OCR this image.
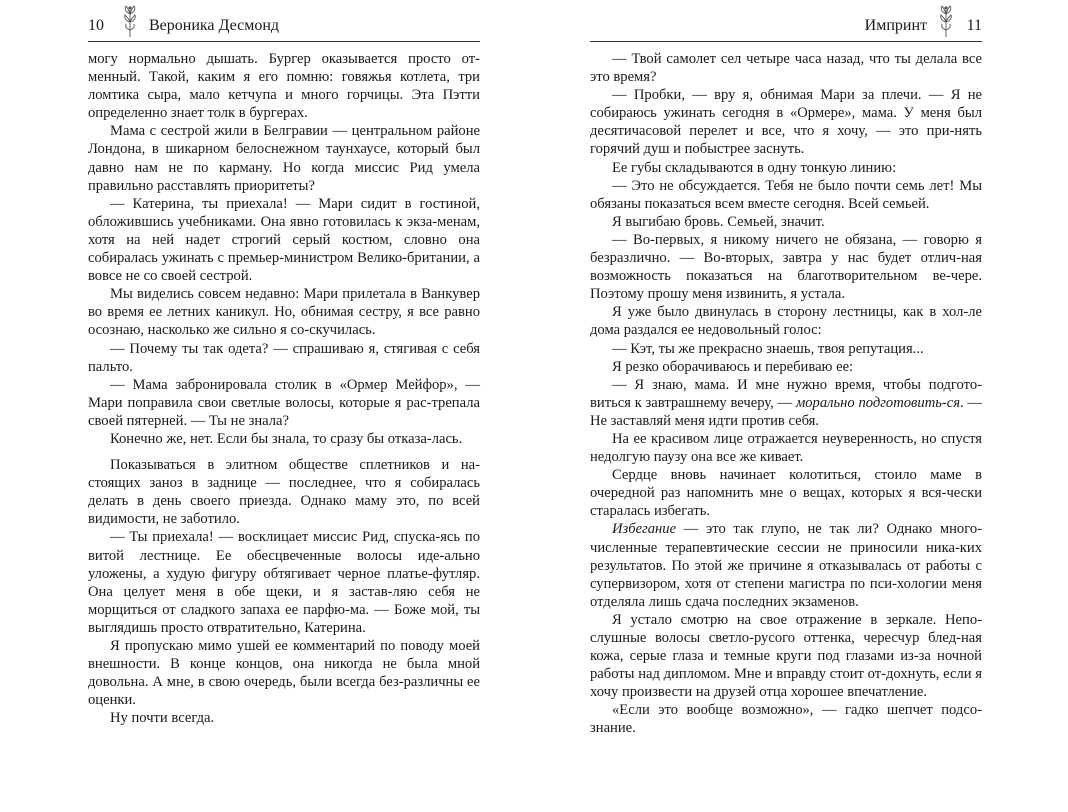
10	Вероника Десмонд

могу нормально дышать. Бургер оказывается просто от-менный. Такой, каким я его помню: говяжья котлета, три ломтика сыра, мало кетчупа и много горчицы. Эта Пэтти определенно знает толк в бургерах.

Мама с сестрой жили в Белгравии — центральном районе Лондона, в шикарном белоснежном таунхаусе, который был давно нам не по карману. Но когда миссис Рид умела правильно расставлять приоритеты?

— Катерина, ты приехала! — Мари сидит в гостиной, обложившись учебниками. Она явно готовилась к экза-менам, хотя на ней надет строгий серый костюм, словно она собиралась ужинать с премьер-министром Велико-британии, а вовсе не со своей сестрой.

Мы виделись совсем недавно: Мари прилетала в Ванкувер во время ее летних каникул. Но, обнимая сестру, я все равно осознаю, насколько же сильно я со-скучилась.

— Почему ты так одета? — спрашиваю я, стягивая с себя пальто.

— Мама забронировала столик в «Ормер Мейфор», — Мари поправила свои светлые волосы, которые я рас-трепала своей пятерней. — Ты не знала?

Конечно же, нет. Если бы знала, то сразу бы отказа-лась.

Показываться в элитном обществе сплетников и на-стоящих заноз в заднице — последнее, что я собиралась делать в день своего приезда. Однако маму это, по всей видимости, не заботило.

— Ты приехала! — восклицает миссис Рид, спуска-ясь по витой лестнице. Ее обесцвеченные волосы иде-ально уложены, а худую фигуру обтягивает черное платье-футляр. Она целует меня в обе щеки, и я застав-ляю себя не морщиться от сладкого запаха ее парфю-ма. — Боже мой, ты выглядишь просто отвратительно, Катерина.

Я пропускаю мимо ушей ее комментарий по поводу моей внешности. В конце концов, она никогда не была мной довольна. А мне, в свою очередь, были всегда без-различны ее оценки.

Ну почти всегда.

Импринт 11

— Твой самолет сел четыре часа назад, что ты делала все это время?

— Пробки, — вру я, обнимая Мари за плечи. — Я не собираюсь ужинать сегодня в «Ормере», мама. У меня был десятичасовой перелет и все, что я хочу, — это при-нять горячий душ и побыстрее заснуть.

Ее губы складываются в одну тонкую линию:

— Это не обсуждается. Тебя не было почти семь лет! Мы обязаны показаться всем вместе сегодня. Всей семьей.

Я выгибаю бровь. Семьей, значит.

— Во-первых, я никому ничего не обязана, — говорю я безразлично. — Во-вторых, завтра у нас будет отлич-ная возможность показаться на благотворительном ве-чере. Поэтому прошу меня извинить, я устала.

Я уже было двинулась в сторону лестницы, как в хол-ле дома раздался ее недовольный голос:

— Кэт, ты же прекрасно знаешь, твоя репутация...

Я резко оборачиваюсь и перебиваю ее:

— Я знаю, мама. И мне нужно время, чтобы подгото-виться к завтрашнему вечеру, — морально подготовить-ся. — Не заставляй меня идти против себя.

На ее красивом лице отражается неуверенность, но спустя недолгую паузу она все же кивает.

Сердце вновь начинает колотиться, стоило маме в очередной раз напомнить мне о вещах, которых я вся-чески старалась избегать.

Избегание — это так глупо, не так ли? Однако много-численные терапевтические сессии не приносили ника-ких результатов. По этой же причине я отказывалась от работы с супервизором, хотя от степени магистра по пси-хологии меня отделяла лишь сдача последних экзаменов.

Я устало смотрю на свое отражение в зеркале. Непо-слушные волосы светло-русого оттенка, чересчур блед-ная кожа, серые глаза и темные круги под глазами из-за ночной работы над дипломом. Мне и вправду стоит от-дохнуть, если я хочу произвести на друзей отца хорошее впечатление.

«Если это вообще возможно», — гадко шепчет подсо-знание.
